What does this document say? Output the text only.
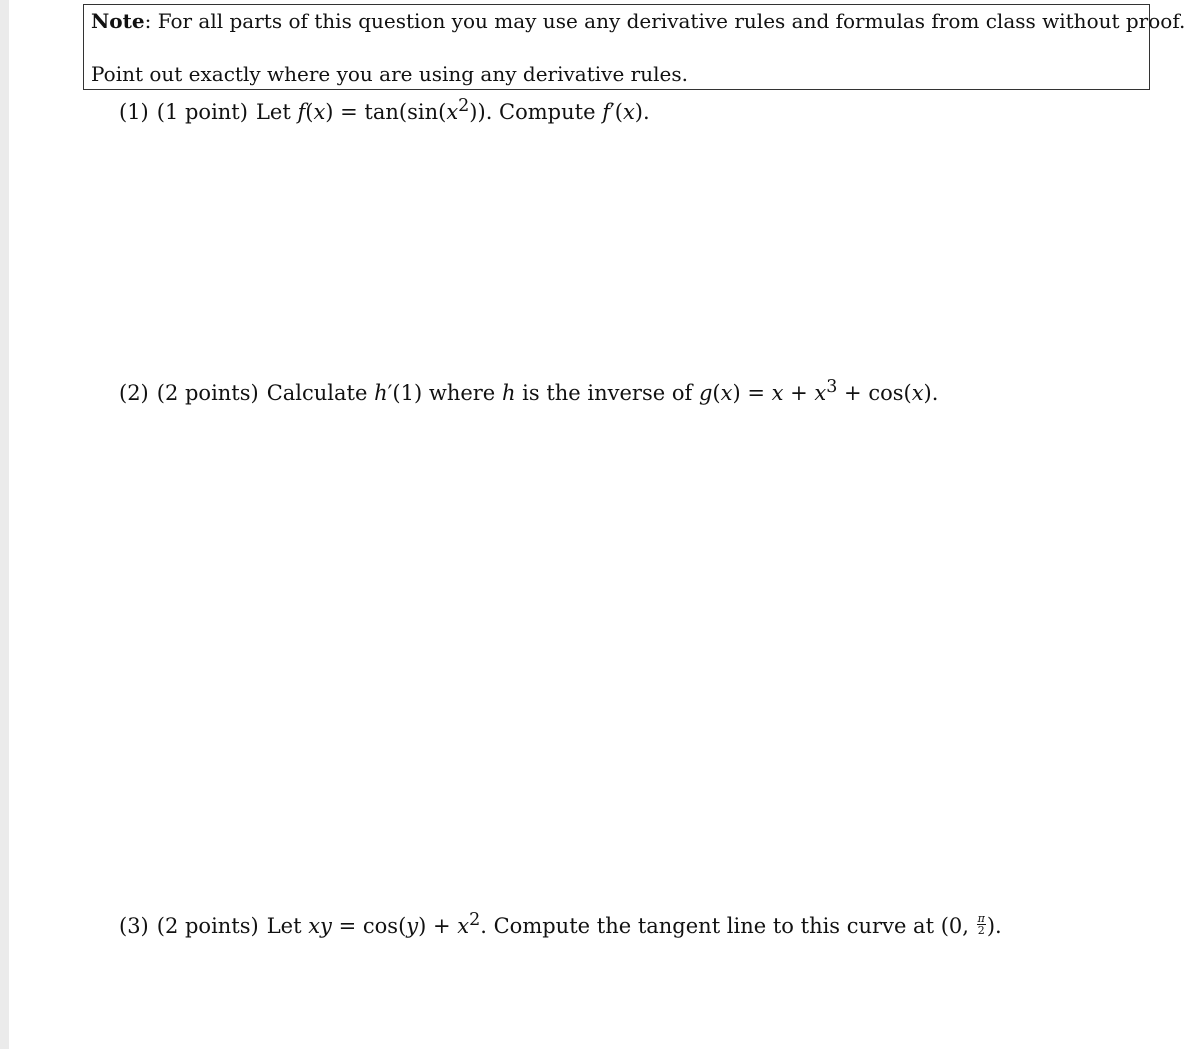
Note: For all parts of this question you may use any derivative rules and formulas from class without proof.
Point out exactly where you are using any derivative rules.
(1) (1 point) Let $f(x) = \tan(\sin(x^2))$. Compute f′(x).
(2) (2 points) Calculate h′(1) where h is the inverse of $g(x) = x + x^3 + \cos(x)$.
(3) (2 points) Let xy = $\cos(y) + x^2$. Compute the tangent line to this curve at (0, $\frac{\pi}{2}$ ).
